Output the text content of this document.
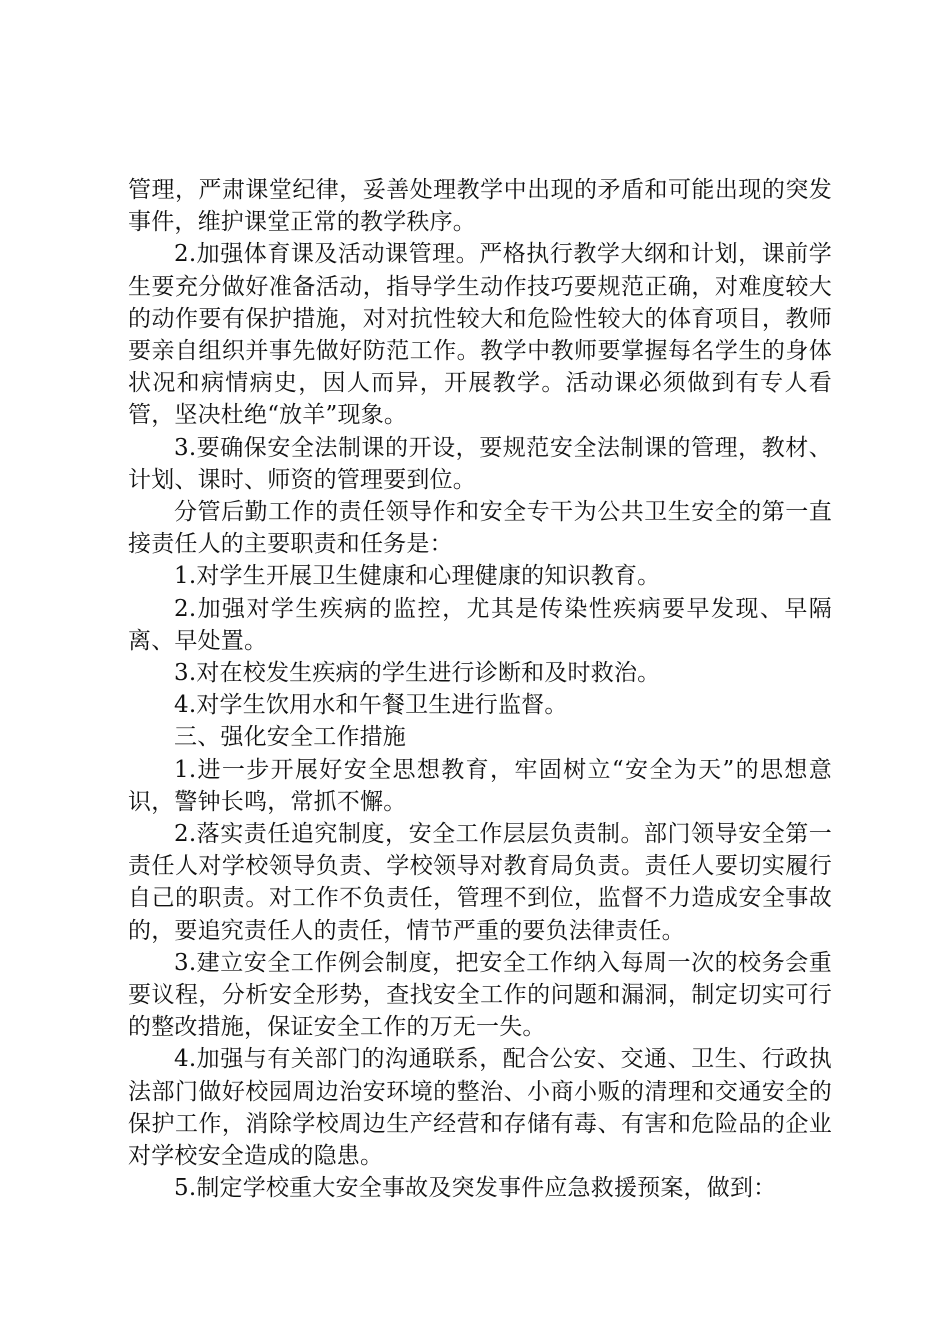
管理，严肃课堂纪律，妥善处理教学中出现的矛盾和可能出现的突发事件，维护课堂正常的教学秩序。

2.加强体育课及活动课管理。严格执行教学大纲和计划，课前学生要充分做好准备活动，指导学生动作技巧要规范正确，对难度较大的动作要有保护措施，对对抗性较大和危险性较大的体育项目，教师要亲自组织并事先做好防范工作。教学中教师要掌握每名学生的身体状况和病情病史，因人而异，开展教学。活动课必须做到有专人看管，坚决杜绝“放羊”现象。

3.要确保安全法制课的开设，要规范安全法制课的管理，教材、计划、课时、师资的管理要到位。

分管后勤工作的责任领导作和安全专干为公共卫生安全的第一直接责任人的主要职责和任务是：

1.对学生开展卫生健康和心理健康的知识教育。

2.加强对学生疾病的监控，尤其是传染性疾病要早发现、早隔离、早处置。

3.对在校发生疾病的学生进行诊断和及时救治。

4.对学生饮用水和午餐卫生进行监督。

三、强化安全工作措施

1.进一步开展好安全思想教育，牢固树立“安全为天”的思想意识，警钟长鸣，常抓不懈。

2.落实责任追究制度，安全工作层层负责制。部门领导安全第一责任人对学校领导负责、学校领导对教育局负责。责任人要切实履行自己的职责。对工作不负责任，管理不到位，监督不力造成安全事故的，要追究责任人的责任，情节严重的要负法律责任。

3.建立安全工作例会制度，把安全工作纳入每周一次的校务会重要议程，分析安全形势，查找安全工作的问题和漏洞，制定切实可行的整改措施，保证安全工作的万无一失。

4.加强与有关部门的沟通联系，配合公安、交通、卫生、行政执法部门做好校园周边治安环境的整治、小商小贩的清理和交通安全的保护工作，消除学校周边生产经营和存储有毒、有害和危险品的企业对学校安全造成的隐患。

5.制定学校重大安全事故及突发事件应急救援预案，做到：
